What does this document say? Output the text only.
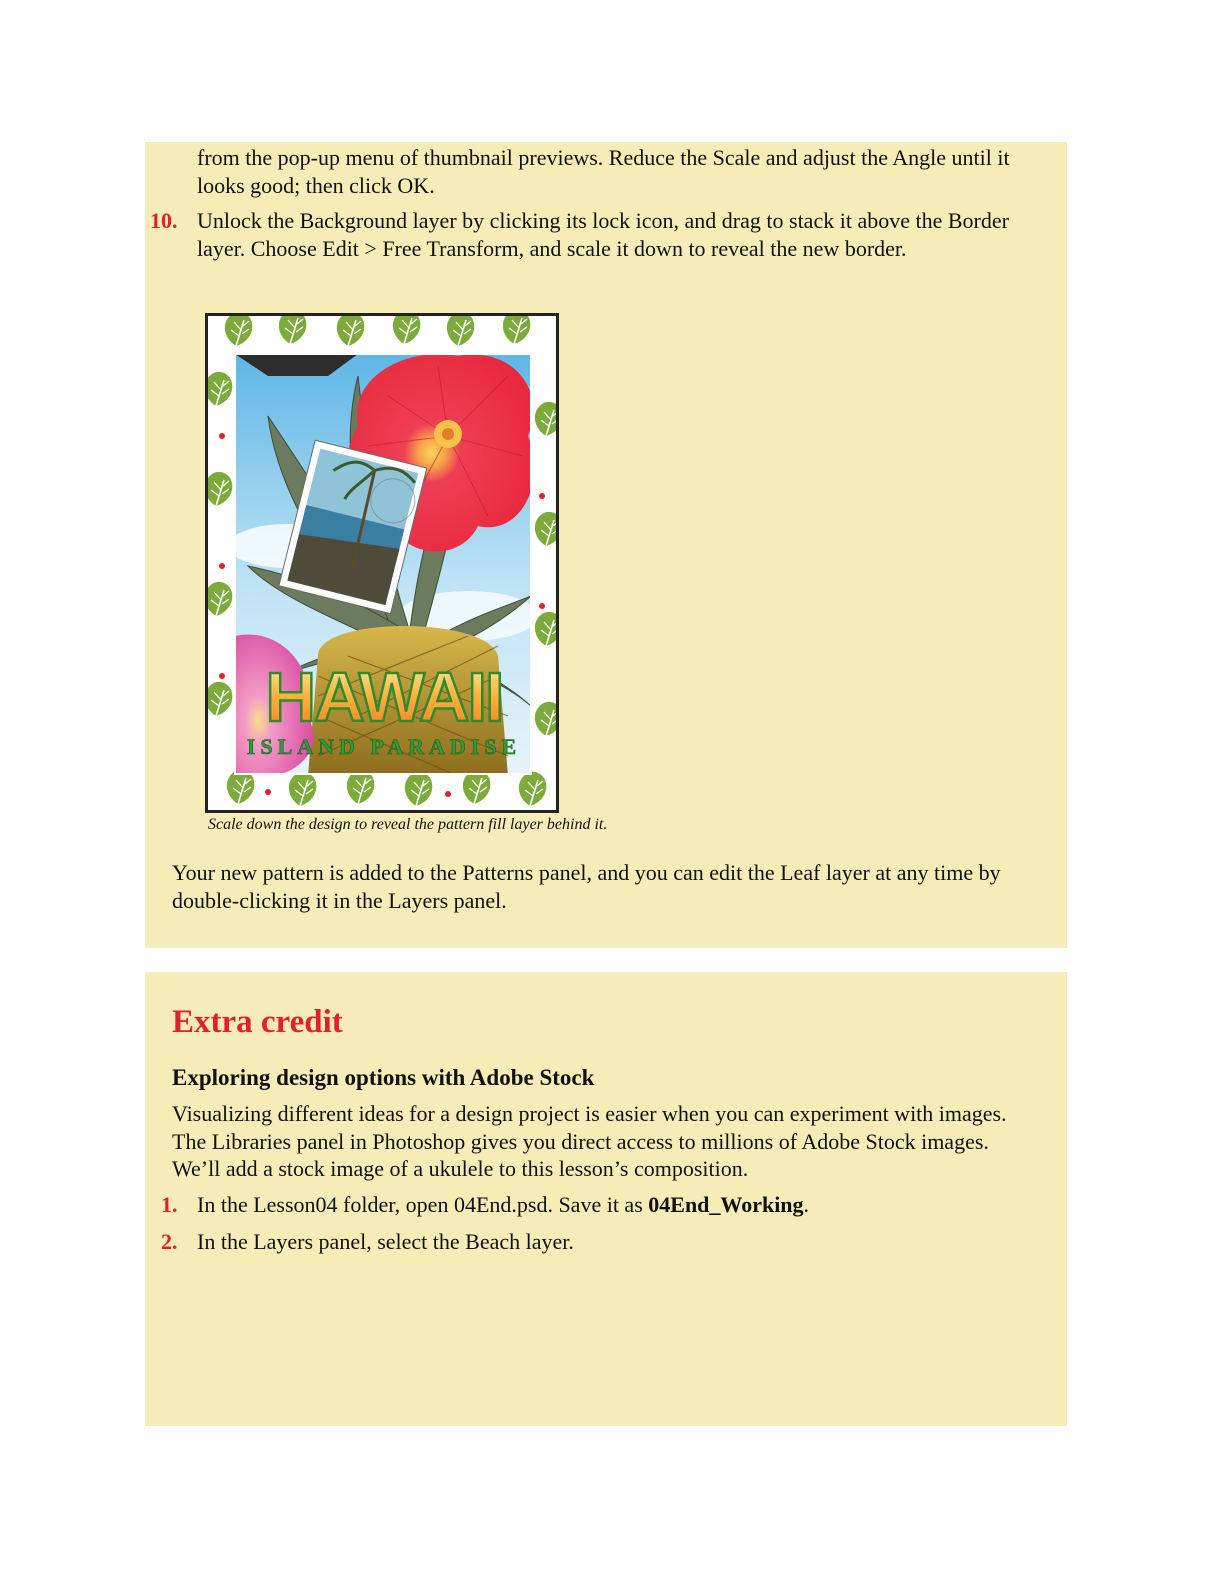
from the pop-up menu of thumbnail previews. Reduce the Scale and adjust the Angle until it looks good; then click OK.

10. Unlock the Background layer by clicking its lock icon, and drag to stack it above the Border layer. Choose Edit > Free Transform, and scale it down to reveal the new border.

HAWAII
ISLAND PARADISE

Scale down the design to reveal the pattern fill layer behind it.

Your new pattern is added to the Patterns panel, and you can edit the Leaf layer at any time by double-clicking it in the Layers panel.

Extra credit
Exploring design options with Adobe Stock

Visualizing different ideas for a design project is easier when you can experiment with images. The Libraries panel in Photoshop gives you direct access to millions of Adobe Stock images. We’ll add a stock image of a ukulele to this lesson’s composition.

1. In the Lesson04 folder, open 04End.psd. Save it as 04End_Working.

2. In the Layers panel, select the Beach layer.
